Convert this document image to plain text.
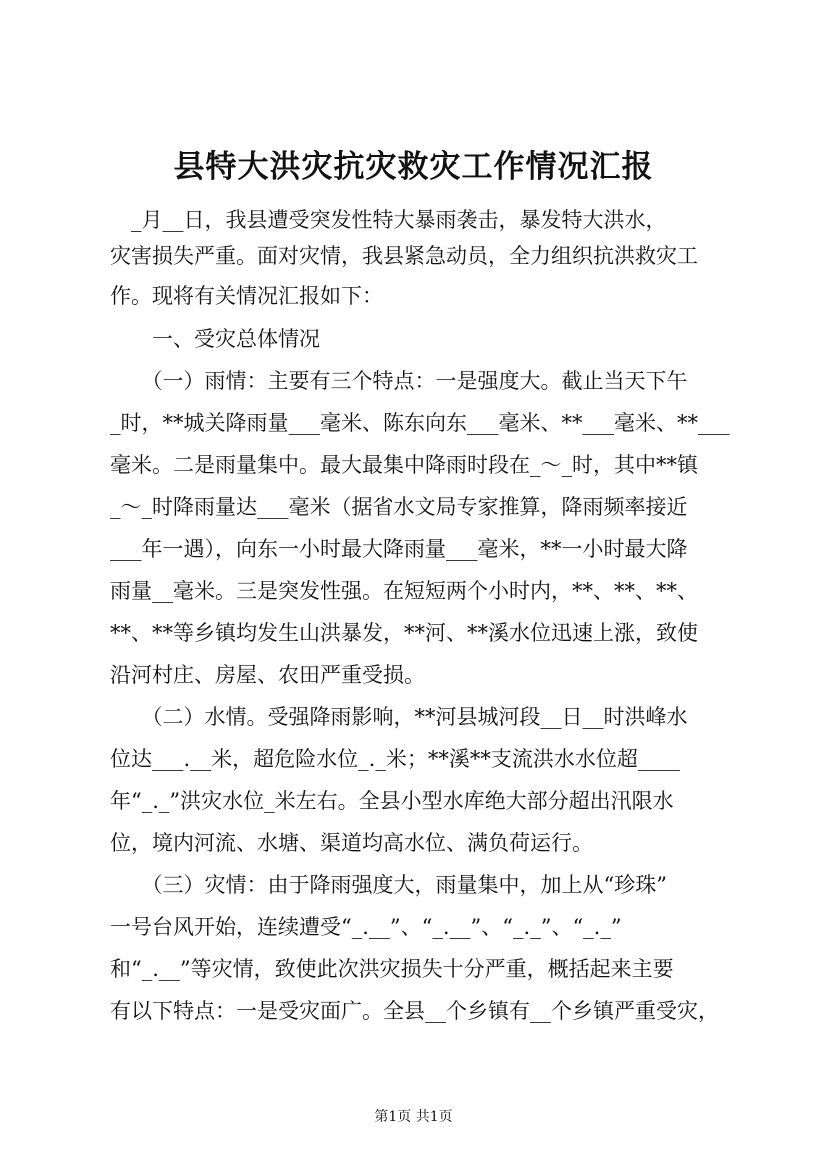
县特大洪灾抗灾救灾工作情况汇报
　_月__日，我县遭受突发性特大暴雨袭击，暴发特大洪水，
灾害损失严重。面对灾情，我县紧急动员，全力组织抗洪救灾工
作。现将有关情况汇报如下：
　　一、受灾总体情况
　　（一）雨情：主要有三个特点：一是强度大。截止当天下午
_时，**城关降雨量___毫米、陈东向东___毫米、**___毫米、**___
毫米。二是雨量集中。最大最集中降雨时段在_～_时，其中**镇
_～_时降雨量达___毫米（据省水文局专家推算，降雨频率接近
___年一遇），向东一小时最大降雨量___毫米，**一小时最大降
雨量__毫米。三是突发性强。在短短两个小时内，**、**、**、
**、**等乡镇均发生山洪暴发，**河、**溪水位迅速上涨，致使
沿河村庄、房屋、农田严重受损。
　　（二）水情。受强降雨影响，**河县城河段__日__时洪峰水
位达___.__米，超危险水位_._米；**溪**支流洪水水位超____
年“_._”洪灾水位_米左右。全县小型水库绝大部分超出汛限水
位，境内河流、水塘、渠道均高水位、满负荷运行。
　　（三）灾情：由于降雨强度大，雨量集中，加上从“珍珠”
一号台风开始，连续遭受“_.__”、“_.__”、“_._”、“_._”
和“_.__”等灾情，致使此次洪灾损失十分严重，概括起来主要
有以下特点：一是受灾面广。全县__个乡镇有__个乡镇严重受灾，
第1页 共1页
